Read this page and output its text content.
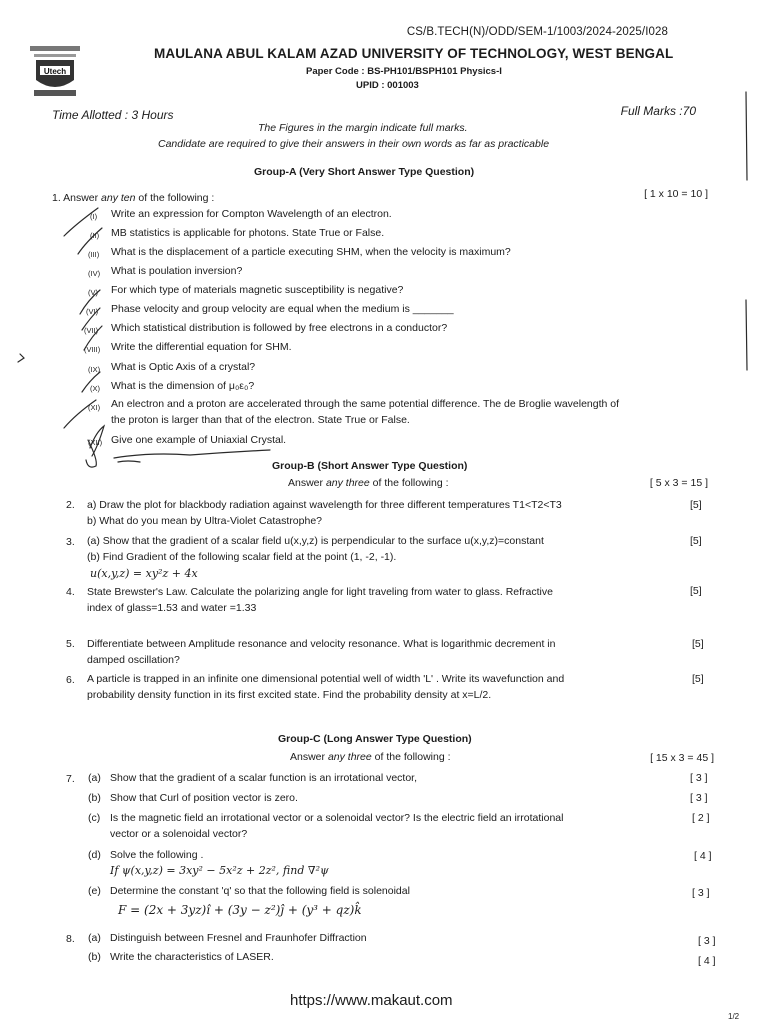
CS/B.TECH(N)/ODD/SEM-1/1003/2024-2025/I028
Utech
MAULANA ABUL KALAM AZAD UNIVERSITY OF TECHNOLOGY, WEST BENGAL
Paper Code : BS-PH101/BSPH101 Physics-I
UPID : 001003
Time Allotted : 3 Hours	Full Marks :70
The Figures in the margin indicate full marks.
Candidate are required to give their answers in their own words as far as practicable
Group-A (Very Short Answer Type Question)
1. Answer any ten of the following :	[ 1 x 10 = 10 ]
(I) Write an expression for Compton Wavelength of an electron.
(II) MB statistics is applicable for photons. State True or False.
(III) What is the displacement of a particle executing SHM, when the velocity is maximum?
(IV) What is poulation inversion?
(V) For which type of materials magnetic susceptibility is negative?
(VI) Phase velocity and group velocity are equal when the medium is _______
(VII) Which statistical distribution is followed by free electrons in a conductor?
(VIII) Write the differential equation for SHM.
(IX) What is Optic Axis of a crystal?
(X) What is the dimension of μ₀ε₀?
(XI) An electron and a proton are accelerated through the same potential difference. The de Broglie wavelength of
the proton is larger than that of the electron. State True or False.
(XII) Give one example of Uniaxial Crystal.
Group-B (Short Answer Type Question)
Answer any three of the following :	[ 5 x 3 = 15 ]
2. a) Draw the plot for blackbody radiation against wavelength for three different temperatures T1<T2<T3
b) What do you mean by Ultra-Violet Catastrophe?
[5]
3. (a) Show that the gradient of a scalar field u(x,y,z) is perpendicular to the surface u(x,y,z)=constant
(b) Find Gradient of the following scalar field at the point (1, -2, -1).
u(x,y,z) = xy²z + 4x
[5]
4. State Brewster's Law. Calculate the polarizing angle for light traveling from water to glass. Refractive
index of glass=1.53 and water =1.33
[5]
5. Differentiate between Amplitude resonance and velocity resonance. What is logarithmic decrement in
damped oscillation?
[5]
6. A particle is trapped in an infinite one dimensional potential well of width 'L' . Write its wavefunction and
probability density function in its first excited state. Find the probability density at x=L/2.
[5]
Group-C (Long Answer Type Question)
Answer any three of the following :	[ 15 x 3 = 45 ]
7. (a) Show that the gradient of a scalar function is an irrotational vector,	[ 3 ]
(b) Show that Curl of position vector is zero.	[ 3 ]
(c) Is the magnetic field an irrotational vector or a solenoidal vector? Is the electric field an irrotational
vector or a solenoidal vector?
[ 2 ]
(d) Solve the following .
If ψ(x,y,z) = 3xy² − 5x²z + 2z², find ∇²ψ
[ 4 ]
(e) Determine the constant 'q' so that the following field is solenoidal
F = (2x + 3yz)î + (3y − z²)ĵ + (y³ + qz)k̂
[ 3 ]
8. (a) Distinguish between Fresnel and Fraunhofer Diffraction	[ 3 ]
(b) Write the characteristics of LASER.	[ 4 ]
https://www.makaut.com
1/2
